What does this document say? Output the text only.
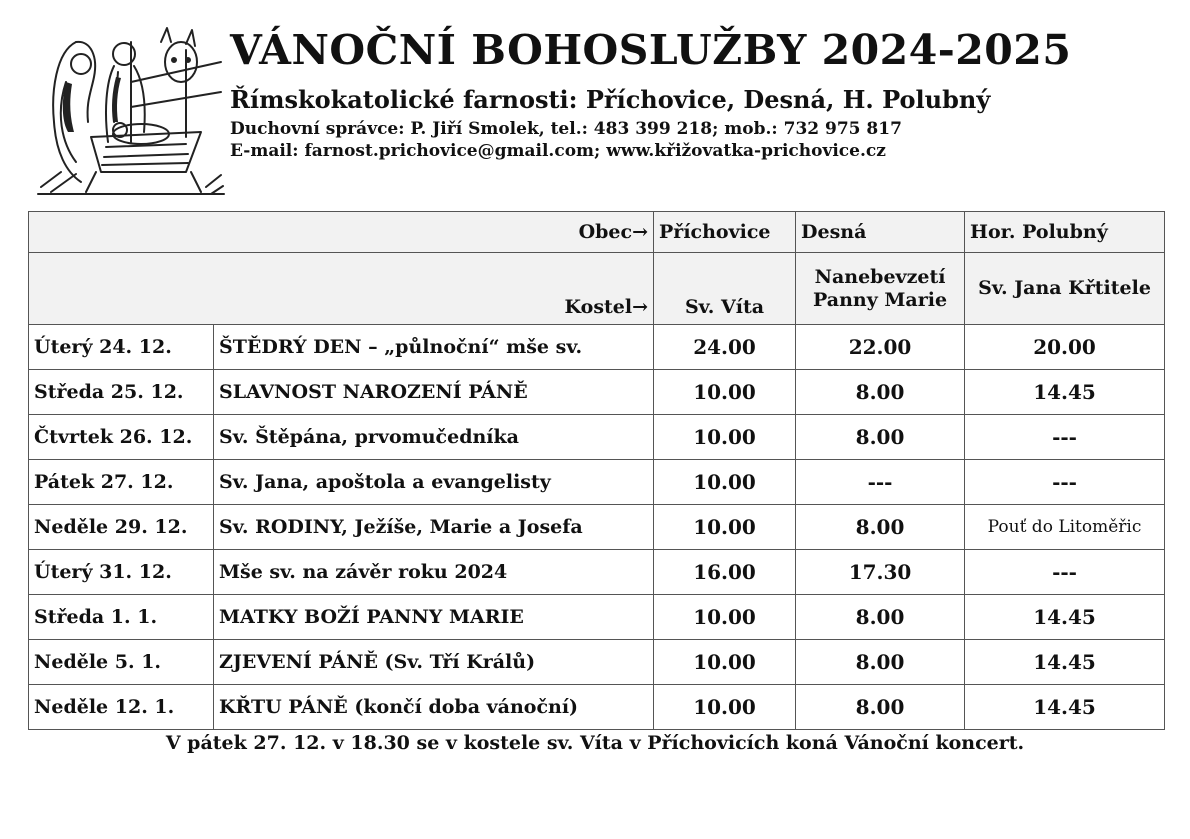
VÁNOČNÍ BOHOSLUŽBY 2024-2025
Římskokatolické farnosti: Příchovice, Desná, H. Polubný
Duchovní správce: P. Jiří Smolek, tel.: 483 399 218; mob.: 732 975 817
E-mail: farnost.prichovice@gmail.com; www.křižovatka-prichovice.cz
Obec→		Příchovice	Desná	Hor. Polubný
Kostel→		Sv. Víta	Nanebevzetí Panny Marie	Sv. Jana Křtitele
Úterý 24. 12.	ŠTĚDRÝ DEN – „půlnoční“ mše sv.	24.00	22.00	20.00
Středa 25. 12.	SLAVNOST NAROZENÍ PÁNĚ	10.00	8.00	14.45
Čtvrtek 26. 12.	Sv. Štěpána, prvomučedníka	10.00	8.00	---
Pátek 27. 12.	Sv. Jana, apoštola a evangelisty	10.00	---	---
Neděle 29. 12.	Sv. RODINY, Ježíše, Marie a Josefa	10.00	8.00	Pouť do Litoměřic
Úterý 31. 12.	Mše sv. na závěr roku 2024	16.00	17.30	---
Středa 1. 1.	MATKY BOŽÍ PANNY MARIE	10.00	8.00	14.45
Neděle 5. 1.	ZJEVENÍ PÁNĚ (Sv. Tří Králů)	10.00	8.00	14.45
Neděle 12. 1.	KŘTU PÁNĚ (končí doba vánoční)	10.00	8.00	14.45
V pátek 27. 12. v 18.30 se v kostele sv. Víta v Příchovicích koná Vánoční koncert.
